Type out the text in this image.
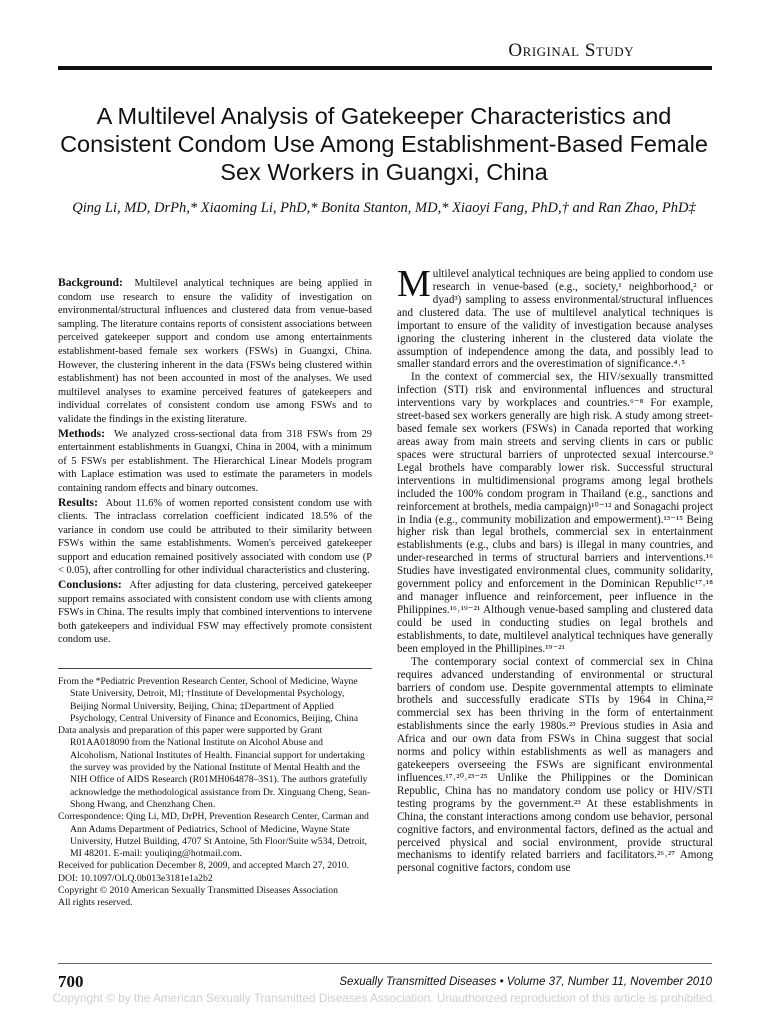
Original Study
A Multilevel Analysis of Gatekeeper Characteristics and Consistent Condom Use Among Establishment-Based Female Sex Workers in Guangxi, China
Qing Li, MD, DrPh,* Xiaoming Li, PhD,* Bonita Stanton, MD,* Xiaoyi Fang, PhD,† and Ran Zhao, PhD‡

Background: Multilevel analytical techniques are being applied in condom use research to ensure the validity of investigation on environmental/structural influences and clustered data from venue-based sampling. The literature contains reports of consistent associations between perceived gatekeeper support and condom use among entertainments establishment-based female sex workers (FSWs) in Guangxi, China. However, the clustering inherent in the data (FSWs being clustered within establishment) has not been accounted in most of the analyses. We used multilevel analyses to examine perceived features of gatekeepers and individual correlates of consistent condom use among FSWs and to validate the findings in the existing literature.

Methods: We analyzed cross-sectional data from 318 FSWs from 29 entertainment establishments in Guangxi, China in 2004, with a minimum of 5 FSWs per establishment. The Hierarchical Linear Models program with Laplace estimation was used to estimate the parameters in models containing random effects and binary outcomes.

Results: About 11.6% of women reported consistent condom use with clients. The intraclass correlation coefficient indicated 18.5% of the variance in condom use could be attributed to their similarity between FSWs within the same establishments. Women's perceived gatekeeper support and education remained positively associated with condom use (P < 0.05), after controlling for other individual characteristics and clustering.

Conclusions: After adjusting for data clustering, perceived gatekeeper support remains associated with consistent condom use with clients among FSWs in China. The results imply that combined interventions to intervene both gatekeepers and individual FSW may effectively promote consistent condom use.

From the *Pediatric Prevention Research Center, School of Medicine, Wayne State University, Detroit, MI; †Institute of Developmental Psychology, Beijing Normal University, Beijing, China; ‡Department of Applied Psychology, Central University of Finance and Economics, Beijing, China

Data analysis and preparation of this paper were supported by Grant R01AA018090 from the National Institute on Alcohol Abuse and Alcoholism, National Institutes of Health. Financial support for undertaking the survey was provided by the National Institute of Mental Health and the NIH Office of AIDS Research (R01MH064878–3S1). The authors gratefully acknowledge the methodological assistance from Dr. Xinguang Cheng, Sean-Shong Hwang, and Chenzhang Chen.

Correspondence: Qing Li, MD, DrPH, Prevention Research Center, Carman and Ann Adams Department of Pediatrics, School of Medicine, Wayne State University, Hutzel Building, 4707 St Antoine, 5th Floor/Suite w534, Detroit, MI 48201. E-mail: youliqing@hotmail.com.

Received for publication December 8, 2009, and accepted March 27, 2010.

DOI: 10.1097/OLQ.0b013e3181e1a2b2

Copyright © 2010 American Sexually Transmitted Diseases Association

All rights reserved.

Multilevel analytical techniques are being applied to condom use research in venue-based (e.g., society,¹ neighborhood,² or dyad³) sampling to assess environmental/structural influences and clustered data. The use of multilevel analytical techniques is important to ensure of the validity of investigation because analyses ignoring the clustering inherent in the clustered data violate the assumption of independence among the data, and possibly lead to smaller standard errors and the overestimation of significance.⁴˒⁵

In the context of commercial sex, the HIV/sexually transmitted infection (STI) risk and environmental influences and structural interventions vary by workplaces and countries.⁶⁻⁸ For example, street-based sex workers generally are high risk. A study among street-based female sex workers (FSWs) in Canada reported that working areas away from main streets and serving clients in cars or public spaces were structural barriers of unprotected sexual intercourse.⁹ Legal brothels have comparably lower risk. Successful structural interventions in multidimensional programs among legal brothels included the 100% condom program in Thailand (e.g., sanctions and reinforcement at brothels, media campaign)¹⁰⁻¹² and Sonagachi project in India (e.g., community mobilization and empowerment).¹³⁻¹⁵ Being higher risk than legal brothels, commercial sex in entertainment establishments (e.g., clubs and bars) is illegal in many countries, and under-researched in terms of structural barriers and interventions.¹⁶ Studies have investigated environmental clues, community solidarity, government policy and enforcement in the Dominican Republic¹⁷˒¹⁸ and manager influence and reinforcement, peer influence in the Philippines.¹⁶˒¹⁹⁻²¹ Although venue-based sampling and clustered data could be used in conducting studies on legal brothels and establishments, to date, multilevel analytical techniques have generally been employed in the Phillipines.¹⁹⁻²¹

The contemporary social context of commercial sex in China requires advanced understanding of environmental or structural barriers of condom use. Despite governmental attempts to eliminate brothels and successfully eradicate STIs by 1964 in China,²² commercial sex has been thriving in the form of entertainment establishments since the early 1980s.²³ Previous studies in Asia and Africa and our own data from FSWs in China suggest that social norms and policy within establishments as well as managers and gatekeepers overseeing the FSWs are significant environmental influences.¹⁷˒²⁰˒²³⁻²⁵ Unlike the Philippines or the Dominican Republic, China has no mandatory condom use policy or HIV/STI testing programs by the government.²³ At these establishments in China, the constant interactions among condom use behavior, personal cognitive factors, and environmental factors, defined as the actual and perceived physical and social environment, provide structural mechanisms to identify related barriers and facilitators.²⁶˒²⁷ Among personal cognitive factors, condom use

700	Sexually Transmitted Diseases • Volume 37, Number 11, November 2010
Copyright © by the American Sexually Transmitted Diseases Association. Unauthorized reproduction of this article is prohibited.
